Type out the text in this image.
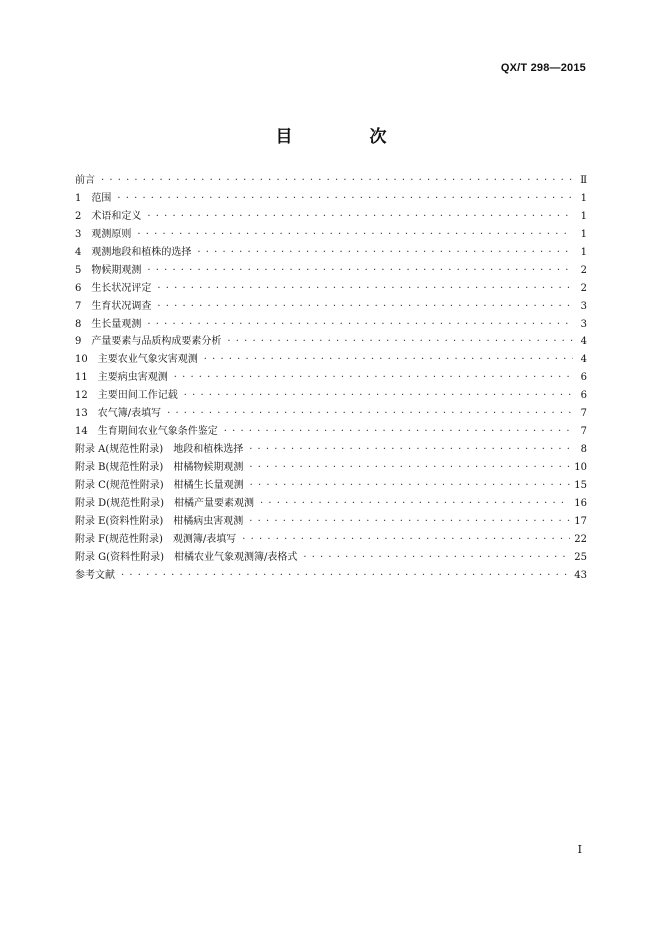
QX/T 298—2015
目　次
前言 · · ·	Ⅱ
1　范围 · · ·	1
2　术语和定义 · · ·	1
3　观测原则 · · ·	1
4　观测地段和植株的选择 · · ·	1
5　物候期观测 · · ·	2
6　生长状况评定 · · ·	2
7　生育状况调查 · · ·	3
8　生长量观测 · · ·	3
9　产量要素与品质构成要素分析 · · ·	4
10　主要农业气象灾害观测 · · ·	4
11　主要病虫害观测 · · ·	6
12　主要田间工作记载 · · ·	6
13　农气簿/表填写 · · ·	7
14　生育期间农业气象条件鉴定 · · ·	7
附录 A(规范性附录)　地段和植株选择 · · ·	8
附录 B(规范性附录)　柑橘物候期观测 · · ·	10
附录 C(规范性附录)　柑橘生长量观测 · · ·	15
附录 D(规范性附录)　柑橘产量要素观测 · · ·	16
附录 E(资料性附录)　柑橘病虫害观测 · · ·	17
附录 F(规范性附录)　观测簿/表填写 · · ·	22
附录 G(资料性附录)　柑橘农业气象观测簿/表格式 · · ·	25
参考文献 · · ·	43
Ⅰ
